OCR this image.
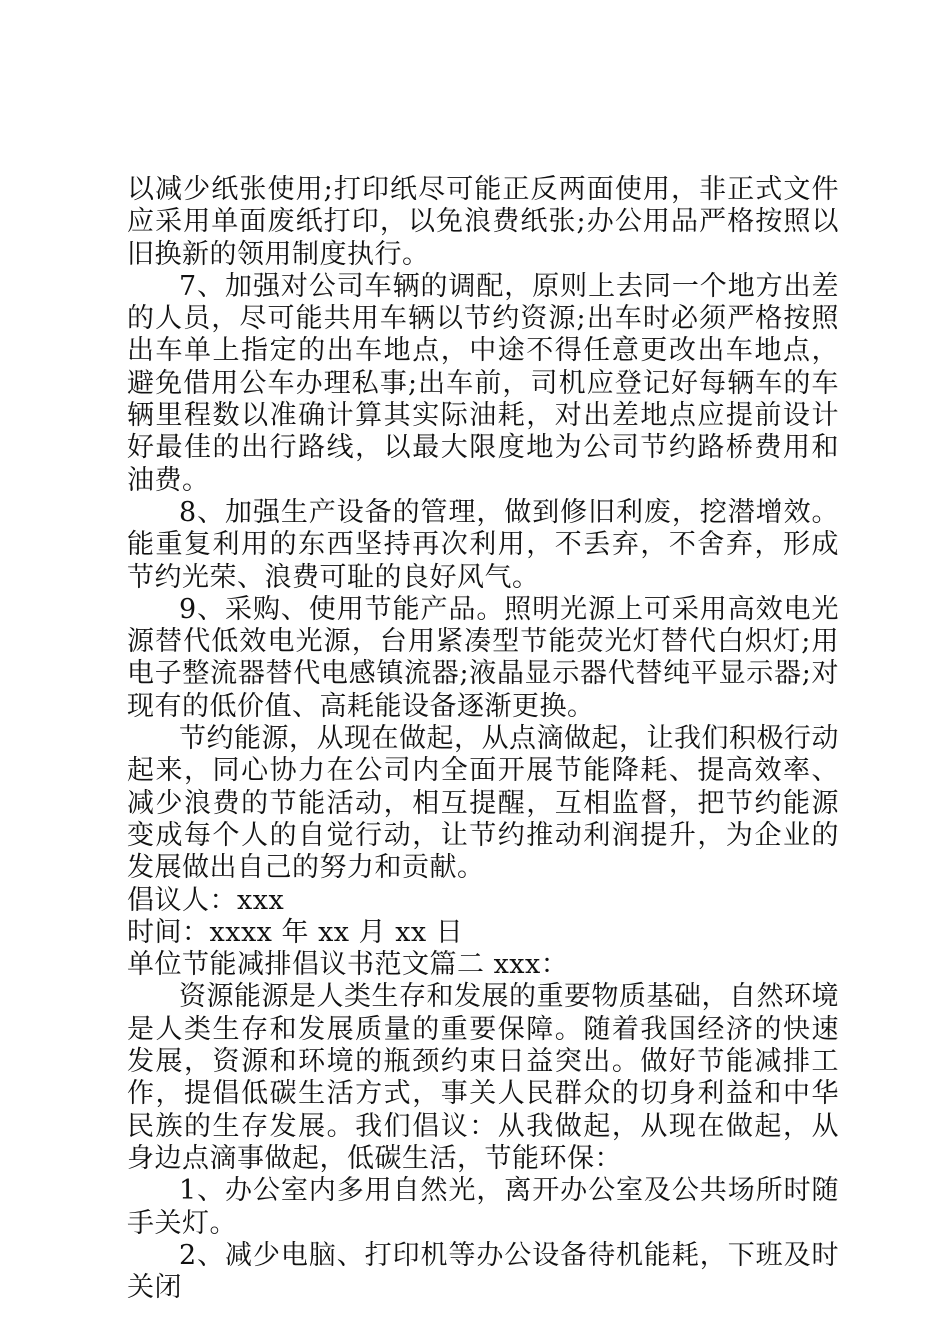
以减少纸张使用;打印纸尽可能正反两面使用，非正式文件应采用单面废纸打印，以免浪费纸张;办公用品严格按照以旧换新的领用制度执行。

7、加强对公司车辆的调配，原则上去同一个地方出差的人员，尽可能共用车辆以节约资源;出车时必须严格按照出车单上指定的出车地点，中途不得任意更改出车地点，避免借用公车办理私事;出车前，司机应登记好每辆车的车辆里程数以准确计算其实际油耗，对出差地点应提前设计好最佳的出行路线，以最大限度地为公司节约路桥费用和油费。

8、加强生产设备的管理，做到修旧利废，挖潜增效。能重复利用的东西坚持再次利用，不丢弃，不舍弃，形成节约光荣、浪费可耻的良好风气。

9、采购、使用节能产品。照明光源上可采用高效电光源替代低效电光源，台用紧凑型节能荧光灯替代白炽灯;用电子整流器替代电感镇流器;液晶显示器代替纯平显示器;对现有的低价值、高耗能设备逐渐更换。

节约能源，从现在做起，从点滴做起，让我们积极行动起来，同心协力在公司内全面开展节能降耗、提高效率、减少浪费的节能活动，相互提醒，互相监督，把节约能源变成每个人的自觉行动，让节约推动利润提升，为企业的发展做出自己的努力和贡献。

倡议人：xxx

时间：xxxx 年 xx 月 xx 日

单位节能减排倡议书范文篇二 xxx：

资源能源是人类生存和发展的重要物质基础，自然环境是人类生存和发展质量的重要保障。随着我国经济的快速发展，资源和环境的瓶颈约束日益突出。做好节能减排工作，提倡低碳生活方式，事关人民群众的切身利益和中华民族的生存发展。我们倡议：从我做起，从现在做起，从身边点滴事做起，低碳生活，节能环保：

1、办公室内多用自然光，离开办公室及公共场所时随手关灯。

2、减少电脑、打印机等办公设备待机能耗，下班及时关闭
